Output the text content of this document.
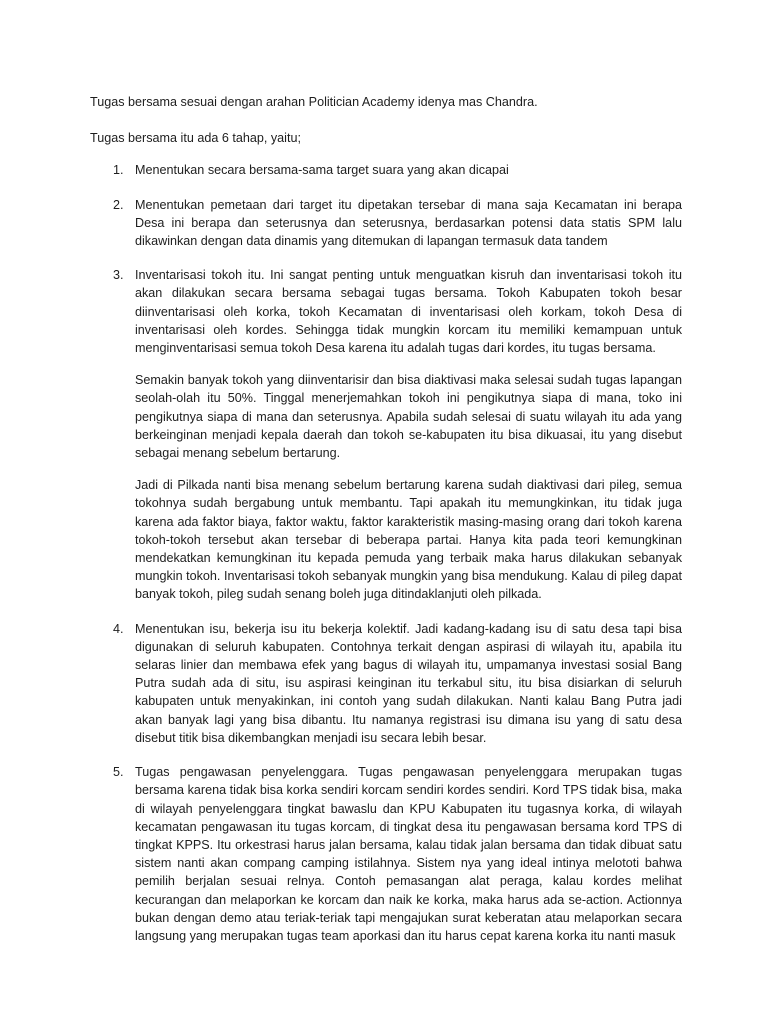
Tugas bersama sesuai dengan arahan Politician Academy idenya mas Chandra.

Tugas bersama itu ada 6 tahap, yaitu;

1. Menentukan secara bersama-sama target suara yang akan dicapai

2. Menentukan pemetaan dari target itu dipetakan tersebar di mana saja Kecamatan ini berapa Desa ini berapa dan seterusnya dan seterusnya, berdasarkan potensi data statis SPM lalu dikawinkan dengan data dinamis yang ditemukan di lapangan termasuk data tandem

3. Inventarisasi tokoh itu. Ini sangat penting untuk menguatkan kisruh dan inventarisasi tokoh itu akan dilakukan secara bersama sebagai tugas bersama. Tokoh Kabupaten tokoh besar diinventarisasi oleh korka, tokoh Kecamatan di inventarisasi oleh korkam, tokoh Desa di inventarisasi oleh kordes. Sehingga tidak mungkin korcam itu memiliki kemampuan untuk menginventarisasi semua tokoh Desa karena itu adalah tugas dari kordes, itu tugas bersama.

Semakin banyak tokoh yang diinventarisir dan bisa diaktivasi maka selesai sudah tugas lapangan seolah-olah itu 50%. Tinggal menerjemahkan tokoh ini pengikutnya siapa di mana, toko ini pengikutnya siapa di mana dan seterusnya. Apabila sudah selesai di suatu wilayah itu ada yang berkeinginan menjadi kepala daerah dan tokoh se-kabupaten itu bisa dikuasai, itu yang disebut sebagai menang sebelum bertarung.

Jadi di Pilkada nanti bisa menang sebelum bertarung karena sudah diaktivasi dari pileg, semua tokohnya sudah bergabung untuk membantu. Tapi apakah itu memungkinkan, itu tidak juga karena ada faktor biaya, faktor waktu, faktor karakteristik masing-masing orang dari tokoh karena tokoh-tokoh tersebut akan tersebar di beberapa partai. Hanya kita pada teori kemungkinan mendekatkan kemungkinan itu kepada pemuda yang terbaik maka harus dilakukan sebanyak mungkin tokoh. Inventarisasi tokoh sebanyak mungkin yang bisa mendukung. Kalau di pileg dapat banyak tokoh, pileg sudah senang boleh juga ditindaklanjuti oleh pilkada.

4. Menentukan isu, bekerja isu itu bekerja kolektif. Jadi kadang-kadang isu di satu desa tapi bisa digunakan di seluruh kabupaten. Contohnya terkait dengan aspirasi di wilayah itu, apabila itu selaras linier dan membawa efek yang bagus di wilayah itu, umpamanya investasi sosial Bang Putra sudah ada di situ, isu aspirasi keinginan itu terkabul situ, itu bisa disiarkan di seluruh kabupaten untuk menyakinkan, ini contoh yang sudah dilakukan. Nanti kalau Bang Putra jadi akan banyak lagi yang bisa dibantu. Itu namanya registrasi isu dimana isu yang di satu desa disebut titik bisa dikembangkan menjadi isu secara lebih besar.

5. Tugas pengawasan penyelenggara. Tugas pengawasan penyelenggara merupakan tugas bersama karena tidak bisa korka sendiri korcam sendiri kordes sendiri. Kord TPS tidak bisa, maka di wilayah penyelenggara tingkat bawaslu dan KPU Kabupaten itu tugasnya korka, di wilayah kecamatan pengawasan itu tugas korcam, di tingkat desa itu pengawasan bersama kord TPS di tingkat KPPS. Itu orkestrasi harus jalan bersama, kalau tidak jalan bersama dan tidak dibuat satu sistem nanti akan compang camping istilahnya. Sistem nya yang ideal intinya melototi bahwa pemilih berjalan sesuai relnya. Contoh pemasangan alat peraga, kalau kordes melihat kecurangan dan melaporkan ke korcam dan naik ke korka, maka harus ada se-action. Actionnya bukan dengan demo atau teriak-teriak tapi mengajukan surat keberatan atau melaporkan secara langsung yang merupakan tugas team aporkasi dan itu harus cepat karena korka itu nanti masuk
